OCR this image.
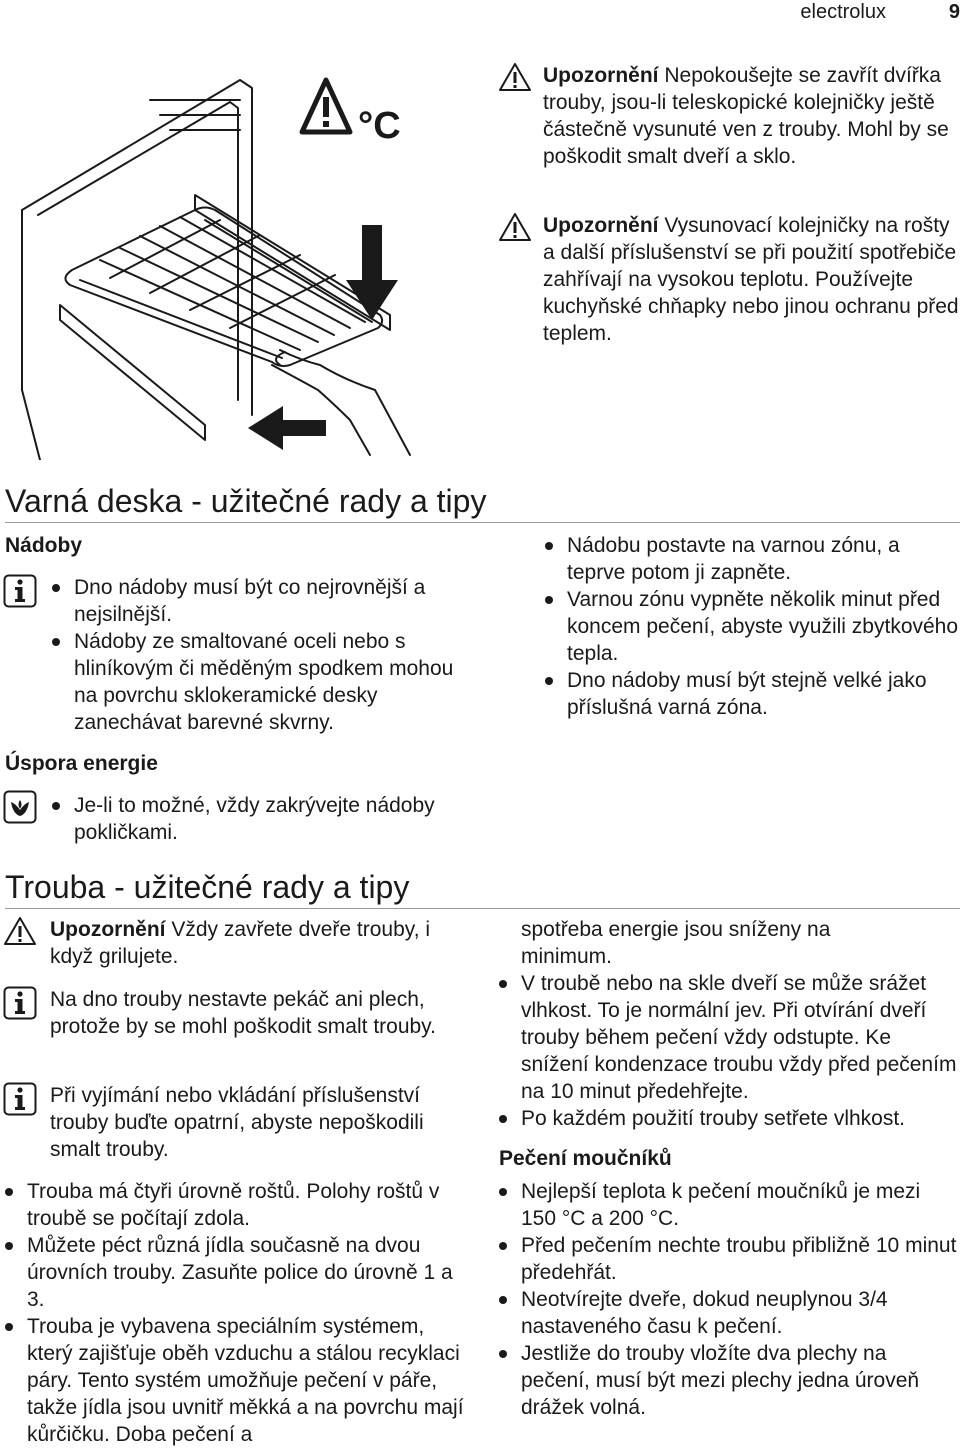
electrolux	9
°C
Upozornění Nepokoušejte se zavřít dvířka trouby, jsou-li teleskopické kolejničky ještě částečně vysunuté ven z trouby. Mohl by se poškodit smalt dveří a sklo.
Upozornění Vysunovací kolejničky na rošty a další příslušenství se při použití spotřebiče zahřívají na vysokou teplotu. Používejte kuchyňské chňapky nebo jinou ochranu před teplem.
Varná deska - užitečné rady a tipy
Nádoby
Dno nádoby musí být co nejrovnější a nejsilnější.
Nádoby ze smaltované oceli nebo s hliníkovým či měděným spodkem mohou na povrchu sklokeramické desky zanechávat barevné skvrny.
Úspora energie
Je-li to možné, vždy zakrývejte nádoby pokličkami.
Nádobu postavte na varnou zónu, a teprve potom ji zapněte.
Varnou zónu vypněte několik minut před koncem pečení, abyste využili zbytkového tepla.
Dno nádoby musí být stejně velké jako příslušná varná zóna.
Trouba - užitečné rady a tipy
Upozornění Vždy zavřete dveře trouby, i když grilujete.
Na dno trouby nestavte pekáč ani plech, protože by se mohl poškodit smalt trouby.
Při vyjímání nebo vkládání příslušenství trouby buďte opatrní, abyste nepoškodili smalt trouby.
Trouba má čtyři úrovně roštů. Polohy roštů v troubě se počítají zdola.
Můžete péct různá jídla současně na dvou úrovních trouby. Zasuňte police do úrovně 1 a 3.
Trouba je vybavena speciálním systémem, který zajišťuje oběh vzduchu a stálou recyklaci páry. Tento systém umožňuje pečení v páře, takže jídla jsou uvnitř měkká a na povrchu mají kůrčičku. Doba pečení a
spotřeba energie jsou sníženy na minimum.
V troubě nebo na skle dveří se může srážet vlhkost. To je normální jev. Při otvírání dveří trouby během pečení vždy odstupte. Ke snížení kondenzace troubu vždy před pečením na 10 minut předehřejte.
Po každém použití trouby setřete vlhkost.
Pečení moučníků
Nejlepší teplota k pečení moučníků je mezi 150 °C a 200 °C.
Před pečením nechte troubu přibližně 10 minut předehřát.
Neotvírejte dveře, dokud neuplynou 3/4 nastaveného času k pečení.
Jestliže do trouby vložíte dva plechy na pečení, musí být mezi plechy jedna úroveň drážek volná.
